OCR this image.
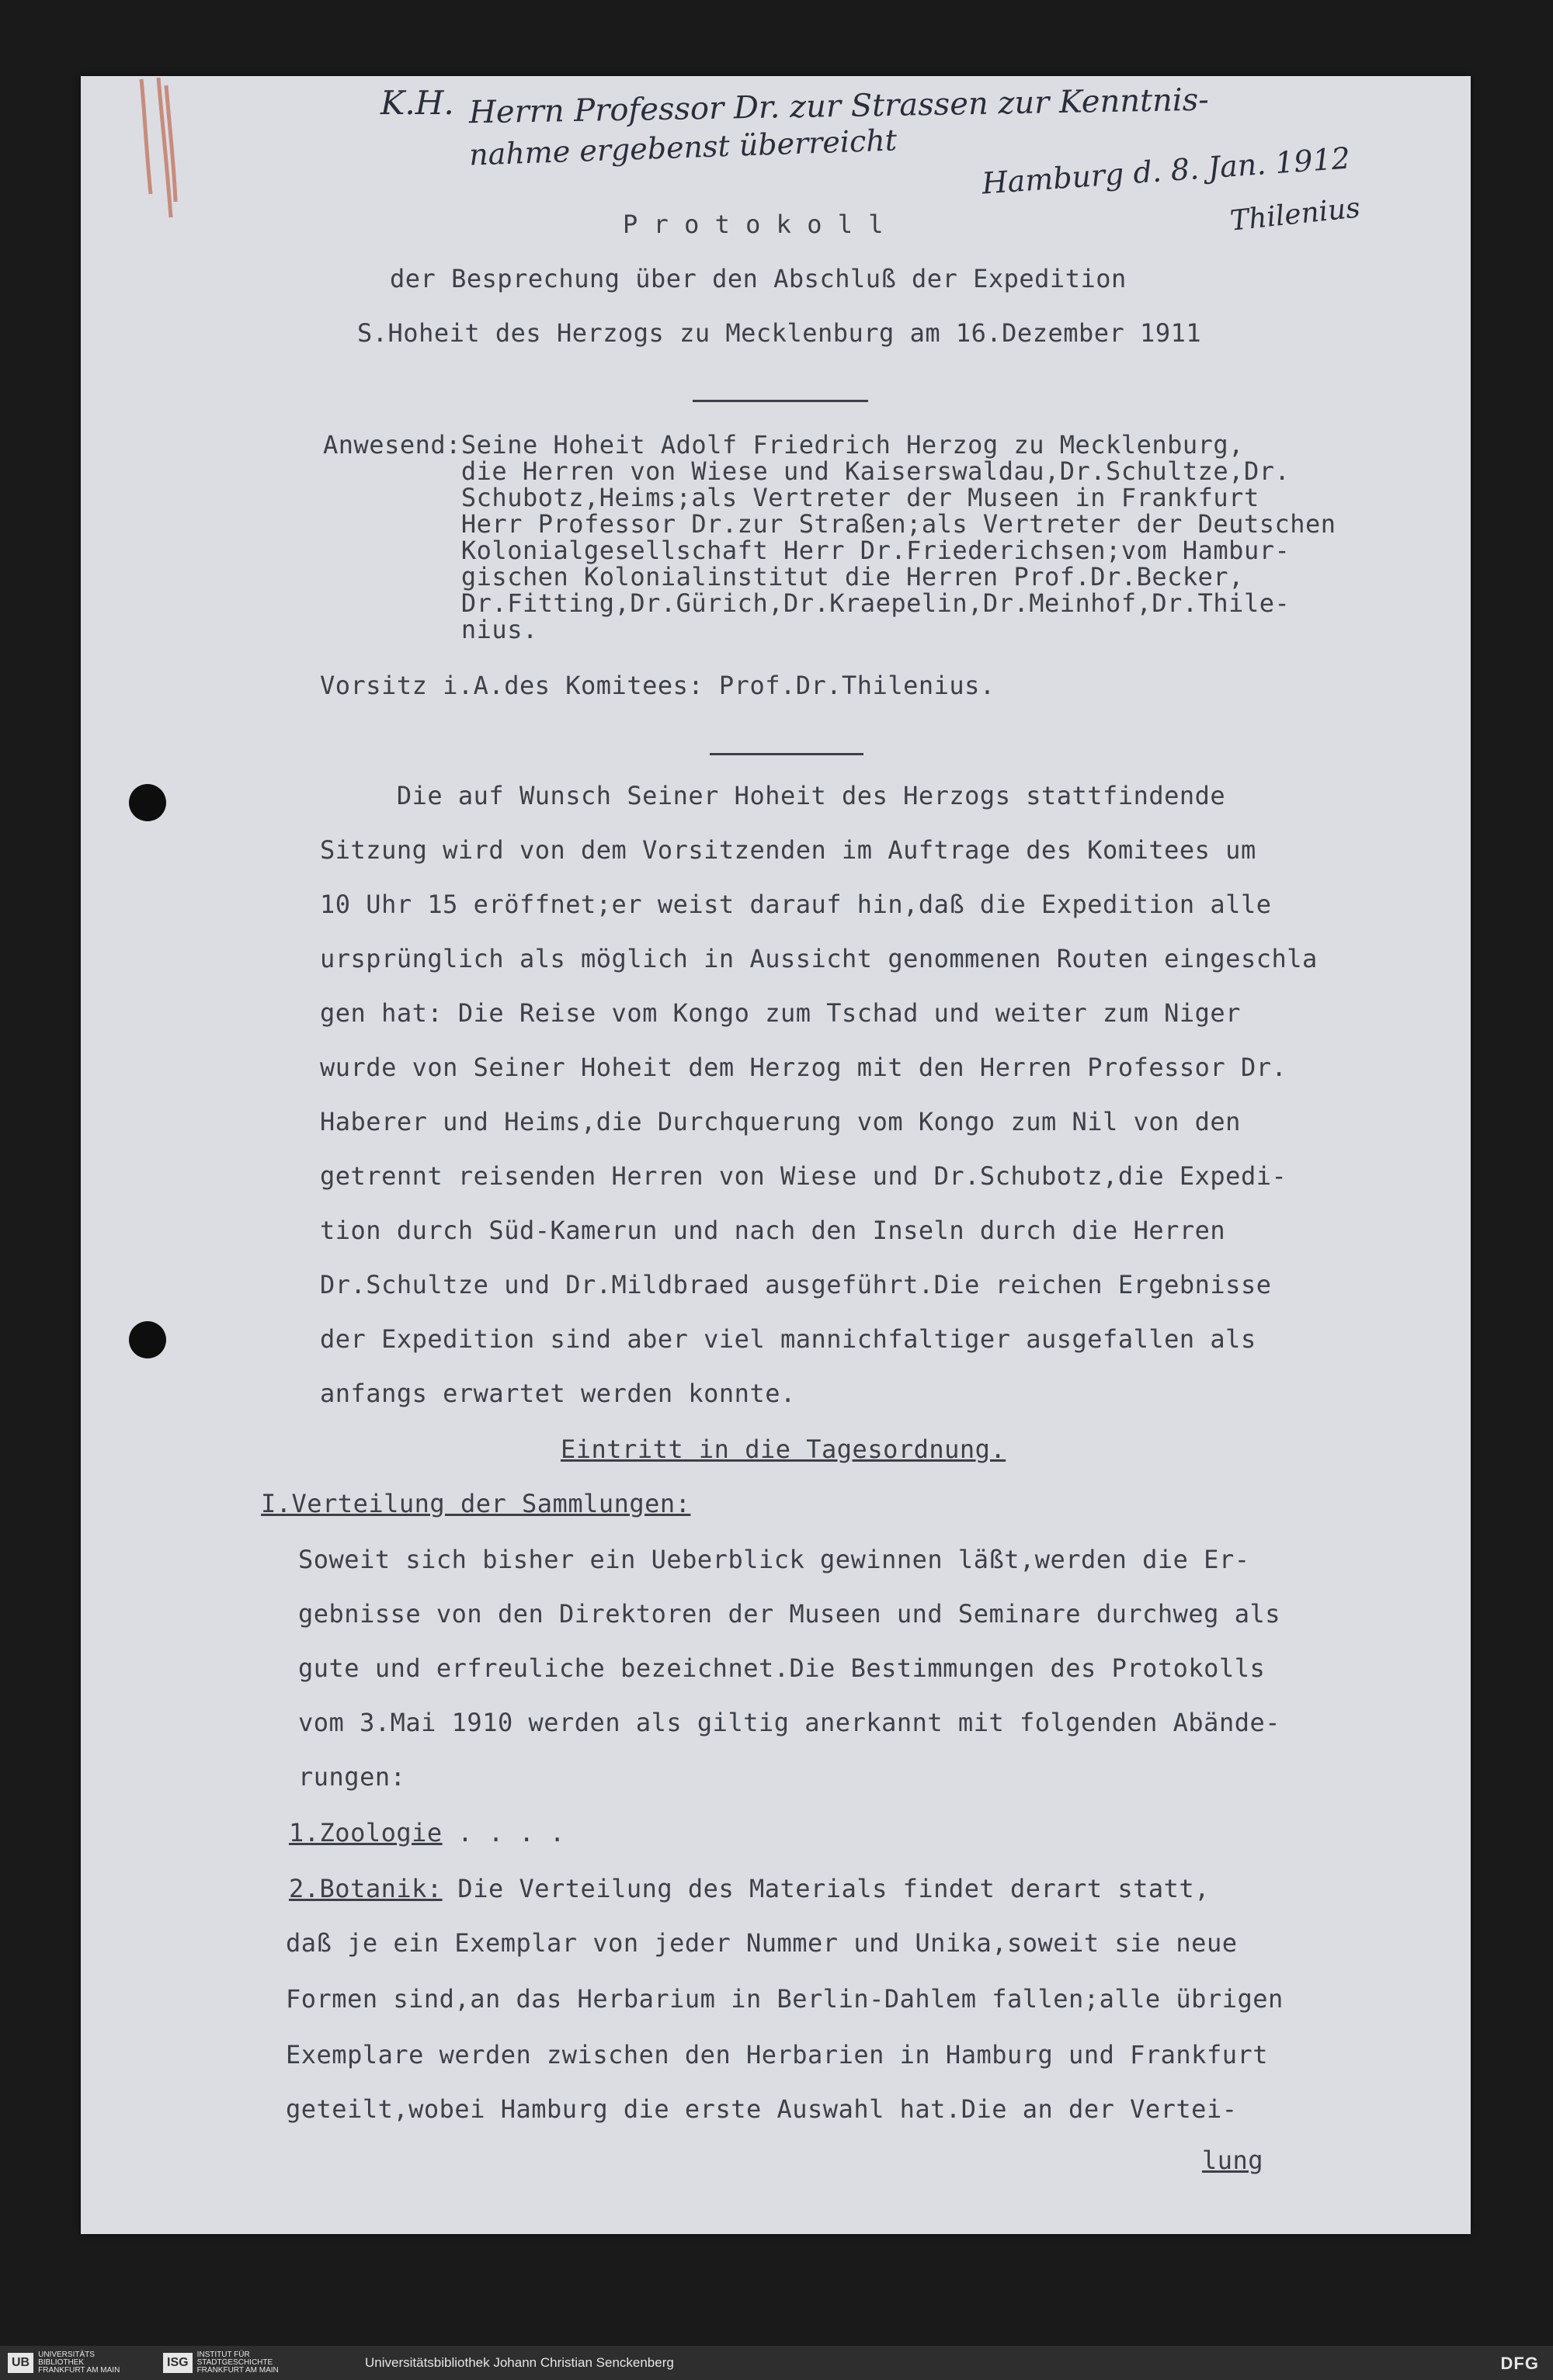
K.H. Herrn Professor Dr. zur Strassen zur Kenntnis-
nahme ergebenst überreicht	Hamburg d. 8. Jan. 1912
Thilenius
P r o t o k o l l
der Besprechung über den Abschluß der Expedition
S.Hoheit des Herzogs zu Mecklenburg am 16.Dezember 1911
Anwesend:Seine Hoheit Adolf Friedrich Herzog zu Mecklenburg,
die Herren von Wiese und Kaiserswaldau,Dr.Schultze,Dr.
Schubotz,Heims;als Vertreter der Museen in Frankfurt
Herr Professor Dr.zur Straßen;als Vertreter der Deutschen
Kolonialgesellschaft Herr Dr.Friederichsen;vom Hambur-
gischen Kolonialinstitut die Herren Prof.Dr.Becker,
Dr.Fitting,Dr.Gürich,Dr.Kraepelin,Dr.Meinhof,Dr.Thile-
nius.
Vorsitz i.A.des Komitees: Prof.Dr.Thilenius.
Die auf Wunsch Seiner Hoheit des Herzogs stattfindende
Sitzung wird von dem Vorsitzenden im Auftrage des Komitees um
10 Uhr 15 eröffnet;er weist darauf hin,daß die Expedition alle
ursprünglich als möglich in Aussicht genommenen Routen eingeschla
gen hat: Die Reise vom Kongo zum Tschad und weiter zum Niger
wurde von Seiner Hoheit dem Herzog mit den Herren Professor Dr.
Haberer und Heims,die Durchquerung vom Kongo zum Nil von den
getrennt reisenden Herren von Wiese und Dr.Schubotz,die Expedi-
tion durch Süd-Kamerun und nach den Inseln durch die Herren
Dr.Schultze und Dr.Mildbraed ausgeführt.Die reichen Ergebnisse
der Expedition sind aber viel mannichfaltiger ausgefallen als
anfangs erwartet werden konnte.
Eintritt in die Tagesordnung.
I.Verteilung der Sammlungen:
Soweit sich bisher ein Ueberblick gewinnen läßt,werden die Er-
gebnisse von den Direktoren der Museen und Seminare durchweg als
gute und erfreuliche bezeichnet.Die Bestimmungen des Protokolls
vom 3.Mai 1910 werden als giltig anerkannt mit folgenden Abände-
rungen:
1.Zoologie . . . .
2.Botanik: Die Verteilung des Materials findet derart statt,
daß je ein Exemplar von jeder Nummer und Unika,soweit sie neue
Formen sind,an das Herbarium in Berlin-Dahlem fallen;alle übrigen
Exemplare werden zwischen den Herbarien in Hamburg und Frankfurt
geteilt,wobei Hamburg die erste Auswahl hat.Die an der Vertei-
lung
UB
UNIVERSITÄTS
BIBLIOTHEK
FRANKFURT AM MAIN
ISG
INSTITUT FÜR
STADTGESCHICHTE
FRANKFURT AM MAIN
Universitätsbibliothek Johann Christian Senckenberg	DFG
